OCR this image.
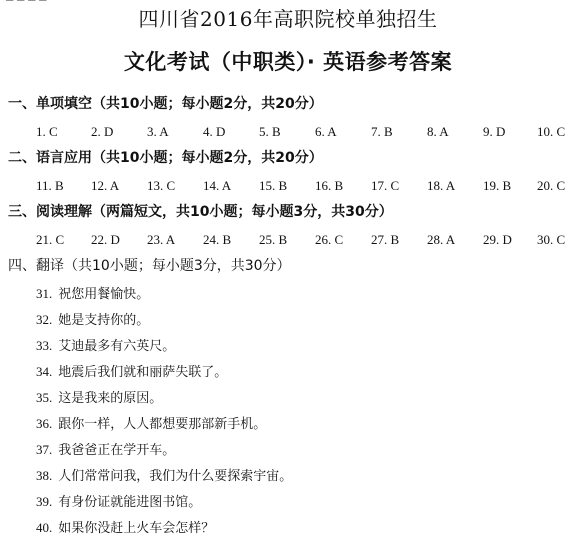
四川省2016年高职院校单独招生
文化考试（中职类）· 英语参考答案
一、单项填空（共10小题；每小题2分，共20分）
1. C	2. D	3. A	4. D	5. B	6. A	7. B	8. A	9. D 10. C
二、语言应用（共10小题；每小题2分，共20分）
11. B 12. A 13. C 14. A 15. B 16. B 17. C 18. A 19. B 20. C
三、阅读理解（两篇短文，共10小题；每小题3分，共30分）
21. C 22. D 23. A 24. B 25. B 26. C 27. B 28. A 29. D 30. C
四、翻译（共10小题；每小题3分，共30分）
31. 祝您用餐愉快。
32. 她是支持你的。
33. 艾迪最多有六英尺。
34. 地震后我们就和丽萨失联了。
35. 这是我来的原因。
36. 跟你一样，人人都想要那部新手机。
37. 我爸爸正在学开车。
38. 人们常常问我，我们为什么要探索宇宙。
39. 有身份证就能进图书馆。
40. 如果你没赶上火车会怎样？
